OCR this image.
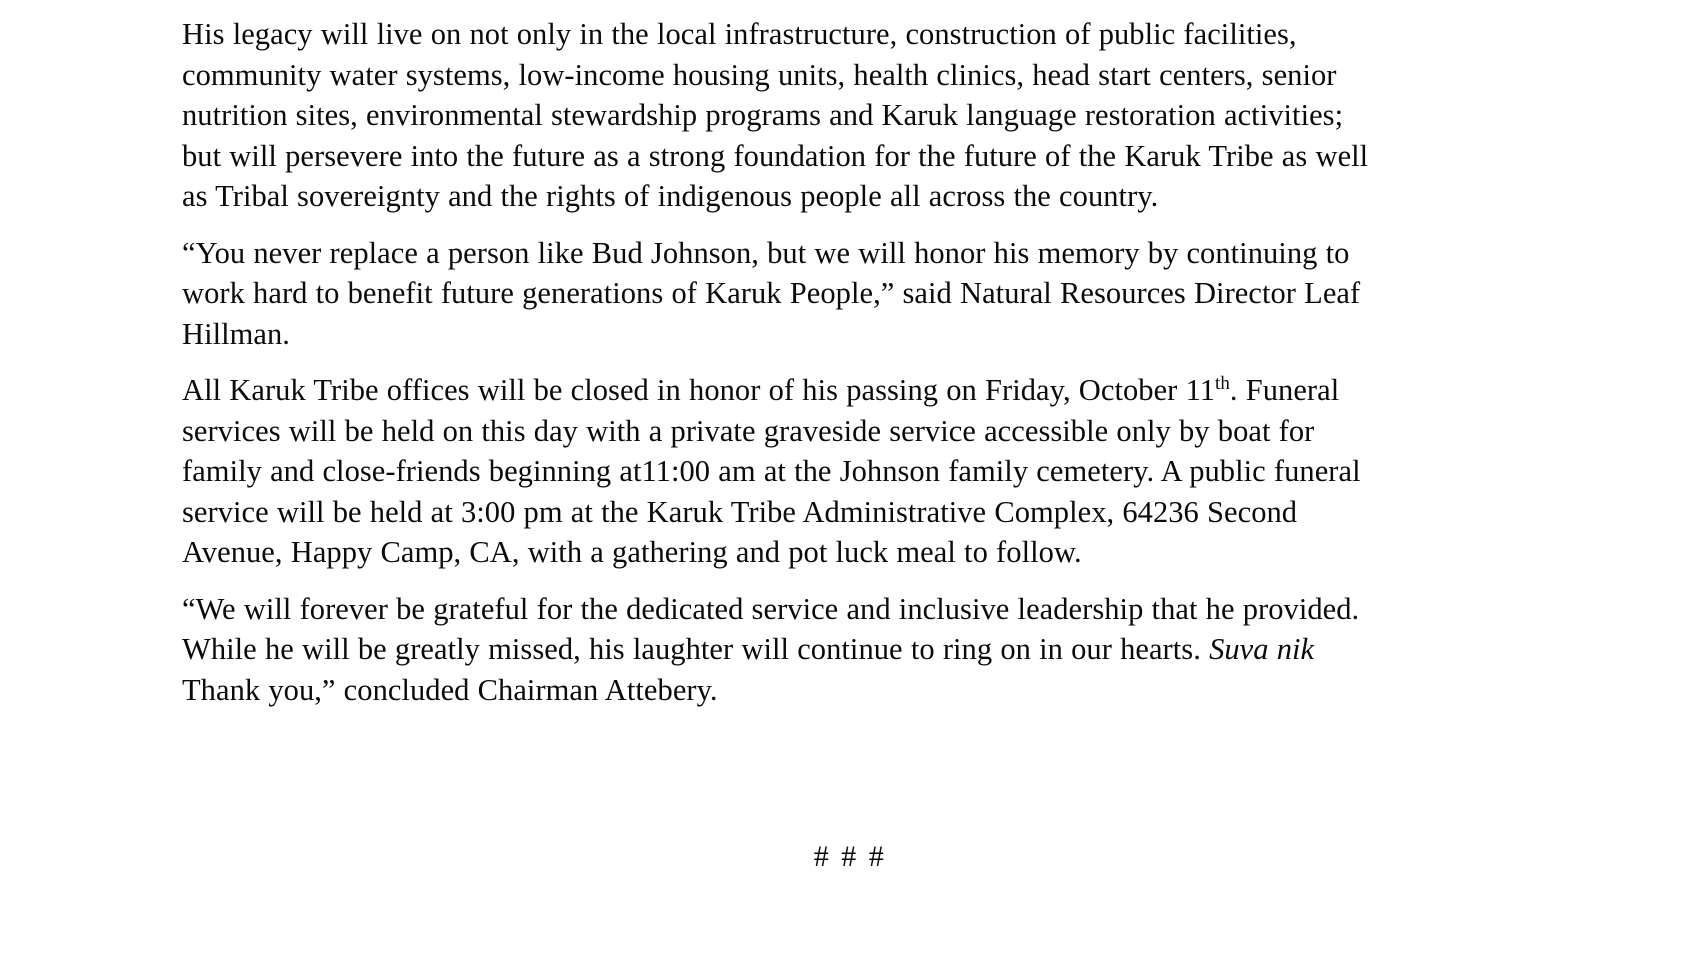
His legacy will live on not only in the local infrastructure, construction of public facilities, community water systems, low-income housing units, health clinics, head start centers, senior nutrition sites, environmental stewardship programs and Karuk language restoration activities; but will persevere into the future as a strong foundation for the future of the Karuk Tribe as well as Tribal sovereignty and the rights of indigenous people all across the country.

“You never replace a person like Bud Johnson, but we will honor his memory by continuing to work hard to benefit future generations of Karuk People,” said Natural Resources Director Leaf Hillman.

All Karuk Tribe offices will be closed in honor of his passing on Friday, October 11th. Funeral services will be held on this day with a private graveside service accessible only by boat for family and close-friends beginning at11:00 am at the Johnson family cemetery. A public funeral service will be held at 3:00 pm at the Karuk Tribe Administrative Complex, 64236 Second Avenue, Happy Camp, CA, with a gathering and pot luck meal to follow.

“We will forever be grateful for the dedicated service and inclusive leadership that he provided. While he will be greatly missed, his laughter will continue to ring on in our hearts. Suva nik Thank you,” concluded Chairman Attebery.

# # #
